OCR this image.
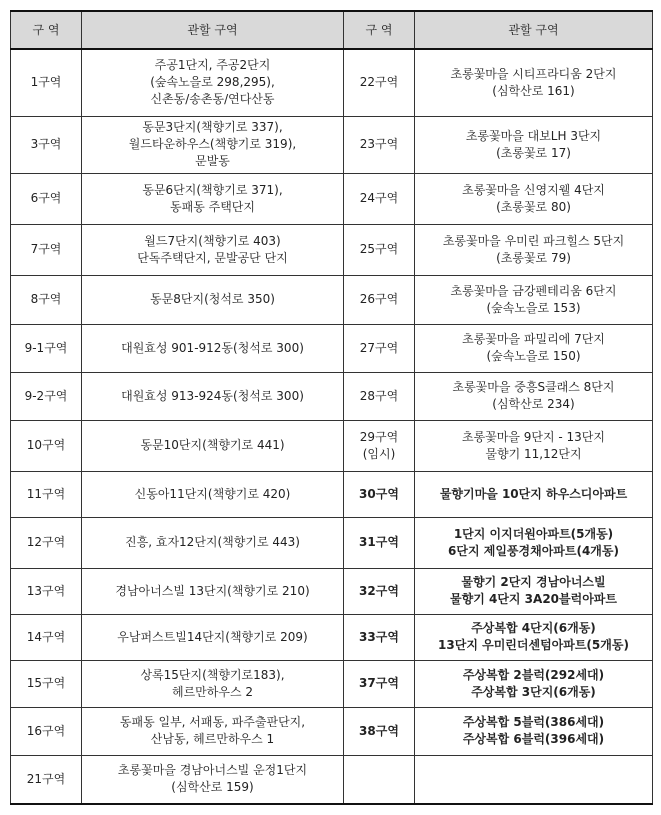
구 역	관할 구역	구 역	관할 구역

1구역	주공1단지, 주공2단지
(숲속노을로 298,295),
신촌동/송촌동/연다산동	22구역	초롱꽃마을 시티프라디움 2단지
(심학산로 161)

3구역	동문3단지(책향기로 337),
월드타운하우스(책향기로 319),
문발동	23구역	초롱꽃마을 대보LH 3단지
(초롱꽃로 17)

6구역	동문6단지(책향기로 371),
동패동 주택단지	24구역	초롱꽃마을 신영지웰 4단지
(초롱꽃로 80)

7구역	월드7단지(책향기로 403)
단독주택단지, 문발공단 단지	25구역	초롱꽃마을 우미린 파크힐스 5단지
(초롱꽃로 79)

8구역	동문8단지(청석로 350)	26구역	초롱꽃마을 금강펜테리움 6단지
(숲속노을로 153)

9-1구역	대원효성 901-912동(청석로 300)	27구역	초롱꽃마을 파밀리에 7단지
(숲속노을로 150)

9-2구역	대원효성 913-924동(청석로 300)	28구역	초롱꽃마을 중흥S클래스 8단지
(심학산로 234)

10구역	동문10단지(책향기로 441)	29구역
(임시)	초롱꽃마을 9단지 - 13단지
물향기 11,12단지

11구역	신동아11단지(책향기로 420)	30구역	물향기마을 10단지 하우스디아파트

12구역	진흥, 효자12단지(책향기로 443)	31구역	1단지 이지더원아파트(5개동)
6단지 제일풍경채아파트(4개동)

13구역	경남아너스빌 13단지(책향기로 210)	32구역	물향기 2단지 경남아너스빌
물향기 4단지 3A20블럭아파트

14구역	우남퍼스트빌14단지(책향기로 209)	33구역	주상복합 4단지(6개동)
13단지 우미린더센텀아파트(5개동)

15구역	상록15단지(책향기로183),
헤르만하우스 2	37구역	주상복합 2블럭(292세대)
주상복합 3단지(6개동)

16구역	동패동 일부, 서패동, 파주출판단지,
산남동, 헤르만하우스 1	38구역	주상복합 5블럭(386세대)
주상복합 6블럭(396세대)

21구역	초롱꽃마을 경남아너스빌 운정1단지
(심학산로 159)		
